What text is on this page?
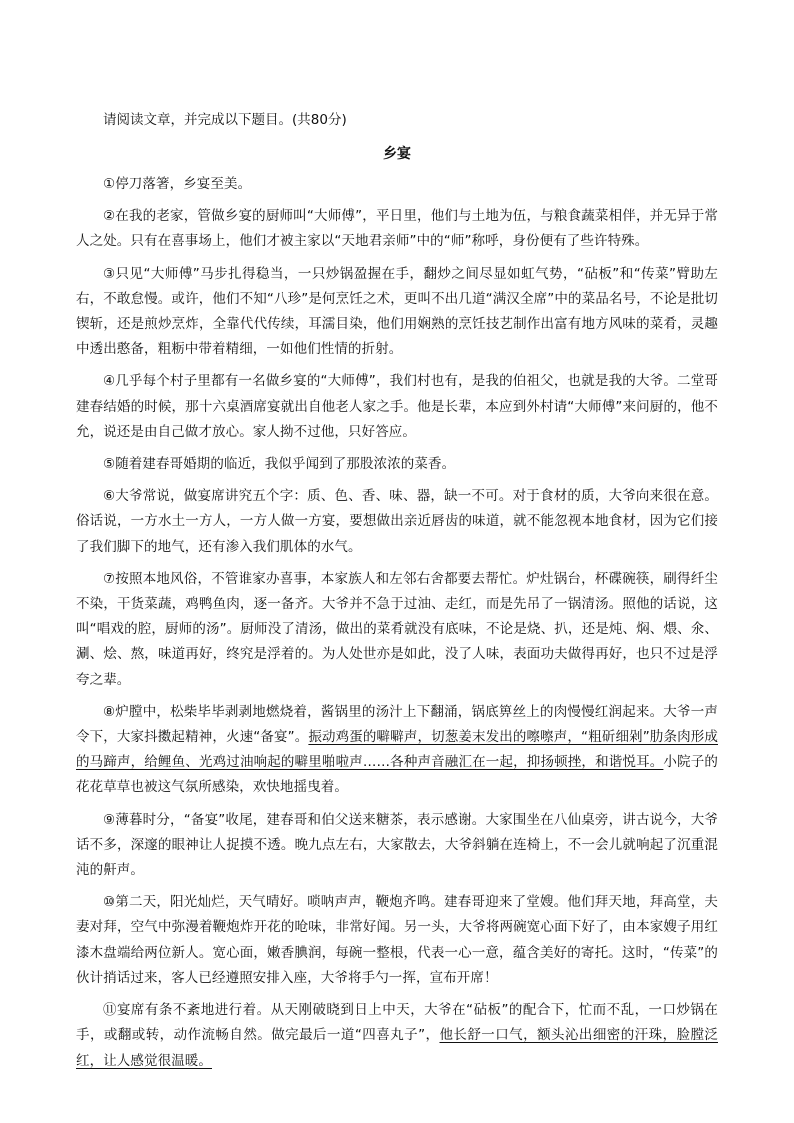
请阅读文章，并完成以下题目。(共80分)

乡宴

①停刀落箸，乡宴至美。

②在我的老家，管做乡宴的厨师叫“大师傅”，平日里，他们与土地为伍，与粮食蔬菜相伴，并无异于常人之处。只有在喜事场上，他们才被主家以“天地君亲师”中的“师”称呼，身份便有了些许特殊。

③只见“大师傅”马步扎得稳当，一只炒锅盈握在手，翻炒之间尽显如虹气势，“砧板”和“传菜”臂助左右，不敢怠慢。或许，他们不知“八珍”是何烹饪之术，更叫不出几道“满汉全席”中的菜品名号，不论是批切锲斩，还是煎炒烹炸，全靠代代传续，耳濡目染，他们用娴熟的烹饪技艺制作出富有地方风味的菜肴，灵趣中透出憨备，粗粝中带着精细，一如他们性情的折射。

④几乎每个村子里都有一名做乡宴的“大师傅”，我们村也有，是我的伯祖父，也就是我的大爷。二堂哥建春结婚的时候，那十六桌酒席宴就出自他老人家之手。他是长辈，本应到外村请“大师傅”来问厨的，他不允，说还是由自己做才放心。家人拗不过他，只好答应。

⑤随着建春哥婚期的临近，我似乎闻到了那股浓浓的菜香。

⑥大爷常说，做宴席讲究五个字：质、色、香、味、器，缺一不可。对于食材的质，大爷向来很在意。俗话说，一方水土一方人，一方人做一方宴，要想做出亲近唇齿的味道，就不能忽视本地食材，因为它们接了我们脚下的地气，还有渗入我们肌体的水气。

⑦按照本地风俗，不管谁家办喜事，本家族人和左邻右舍都要去帮忙。炉灶锅台，杯碟碗筷，刷得纤尘不染，干货菜蔬，鸡鸭鱼肉，逐一备齐。大爷并不急于过油、走红，而是先吊了一锅清汤。照他的话说，这叫“唱戏的腔，厨师的汤”。厨师没了清汤，做出的菜肴就没有底味，不论是烧、扒，还是炖、焖、煨、氽、涮、烩、熬，味道再好，终究是浮着的。为人处世亦是如此，没了人味，表面功夫做得再好，也只不过是浮夸之辈。

⑧炉膛中，松柴毕毕剥剥地燃烧着，酱锅里的汤汁上下翻涌，锅底箅丝上的肉慢慢红润起来。大爷一声令下，大家抖擞起精神，火速“备宴”。振动鸡蛋的噼噼声，切葱姜末发出的嚓嚓声，“粗斫细剁”肋条肉形成的马蹄声，给鲤鱼、光鸡过油响起的噼里啪啦声……各种声音融汇在一起，抑扬顿挫，和谐悦耳。小院子的花花草草也被这气氛所感染，欢快地摇曳着。

⑨薄暮时分，“备宴”收尾，建春哥和伯父送来糖茶，表示感谢。大家围坐在八仙桌旁，讲古说今，大爷话不多，深邃的眼神让人捉摸不透。晚九点左右，大家散去，大爷斜躺在连椅上，不一会儿就响起了沉重混沌的鼾声。

⑩第二天，阳光灿烂，天气晴好。唢呐声声，鞭炮齐鸣。建春哥迎来了堂嫂。他们拜天地，拜高堂，夫妻对拜，空气中弥漫着鞭炮炸开花的呛味，非常好闻。另一头，大爷将两碗宽心面下好了，由本家嫂子用红漆木盘端给两位新人。宽心面，嫩香腆润，每碗一整根，代表一心一意，蕴含美好的寄托。这时，“传菜”的伙计捎话过来，客人已经遵照安排入座，大爷将手勺一挥，宣布开席！

⑪宴席有条不紊地进行着。从天刚破晓到日上中天，大爷在“砧板”的配合下，忙而不乱，一口炒锅在手，或翻或转，动作流畅自然。做完最后一道“四喜丸子”，他长舒一口气，额头沁出细密的汗珠，脸膛泛红，让人感觉很温暖。
